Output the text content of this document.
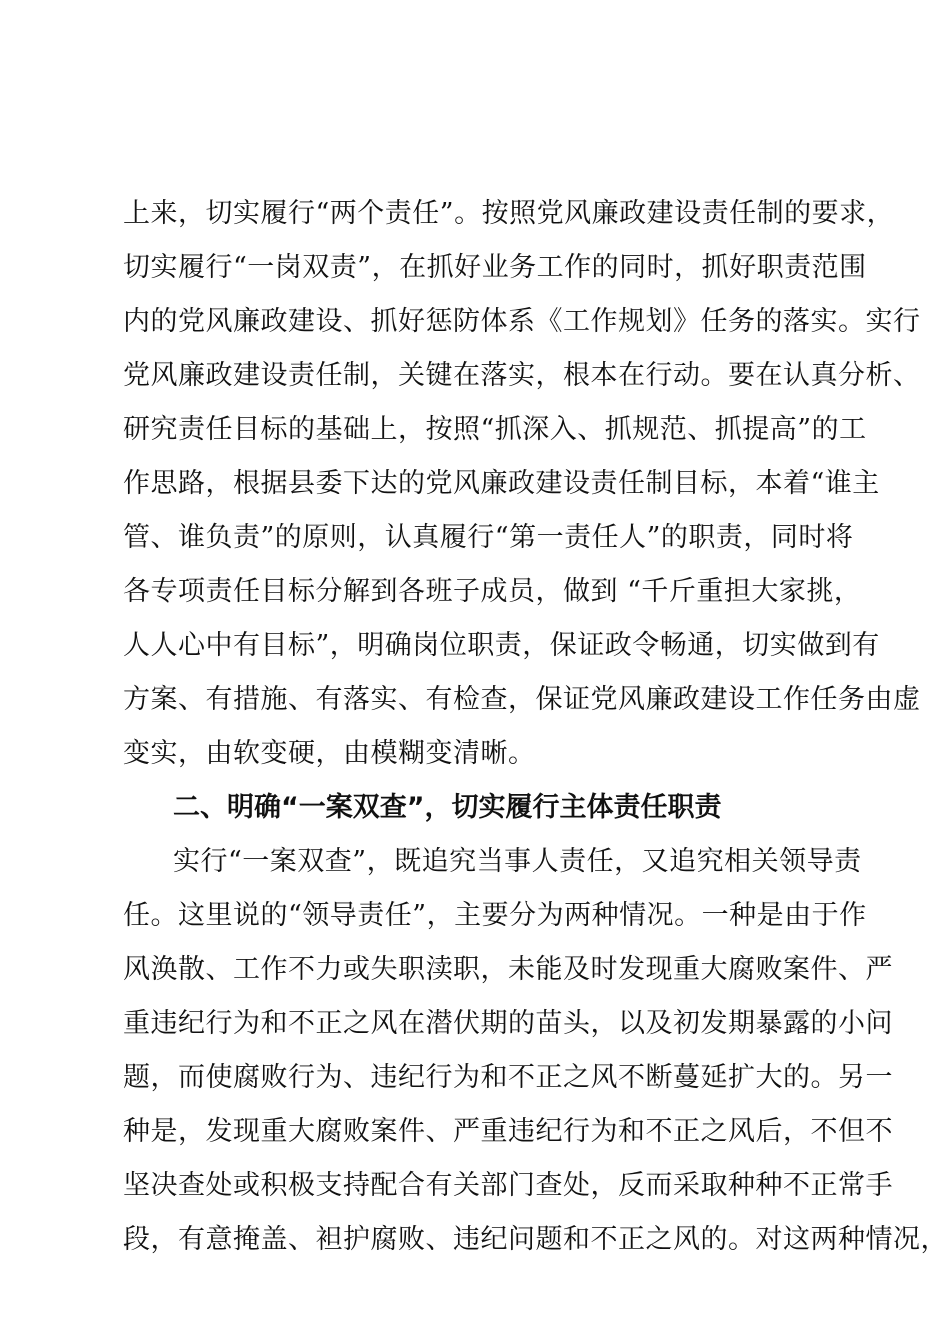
上来，切实履行“两个责任”。按照党风廉政建设责任制的要求，
切实履行“一岗双责”，在抓好业务工作的同时，抓好职责范围
内的党风廉政建设、抓好惩防体系《工作规划》任务的落实。实行
党风廉政建设责任制，关键在落实，根本在行动。要在认真分析、
研究责任目标的基础上，按照“抓深入、抓规范、抓提高”的工
作思路，根据县委下达的党风廉政建设责任制目标，本着“谁主
管、谁负责”的原则，认真履行“第一责任人”的职责，同时将
各专项责任目标分解到各班子成员，做到 “千斤重担大家挑，
人人心中有目标”，明确岗位职责，保证政令畅通，切实做到有
方案、有措施、有落实、有检查，保证党风廉政建设工作任务由虚
变实，由软变硬，由模糊变清晰。
二、明确“一案双查”，切实履行主体责任职责
实行“一案双查”，既追究当事人责任，又追究相关领导责
任。这里说的“领导责任”，主要分为两种情况。一种是由于作
风涣散、工作不力或失职渎职，未能及时发现重大腐败案件、严
重违纪行为和不正之风在潜伏期的苗头，以及初发期暴露的小问
题，而使腐败行为、违纪行为和不正之风不断蔓延扩大的。另一
种是，发现重大腐败案件、严重违纪行为和不正之风后，不但不
坚决查处或积极支持配合有关部门查处，反而采取种种不正常手
段，有意掩盖、袒护腐败、违纪问题和不正之风的。对这两种情况，
